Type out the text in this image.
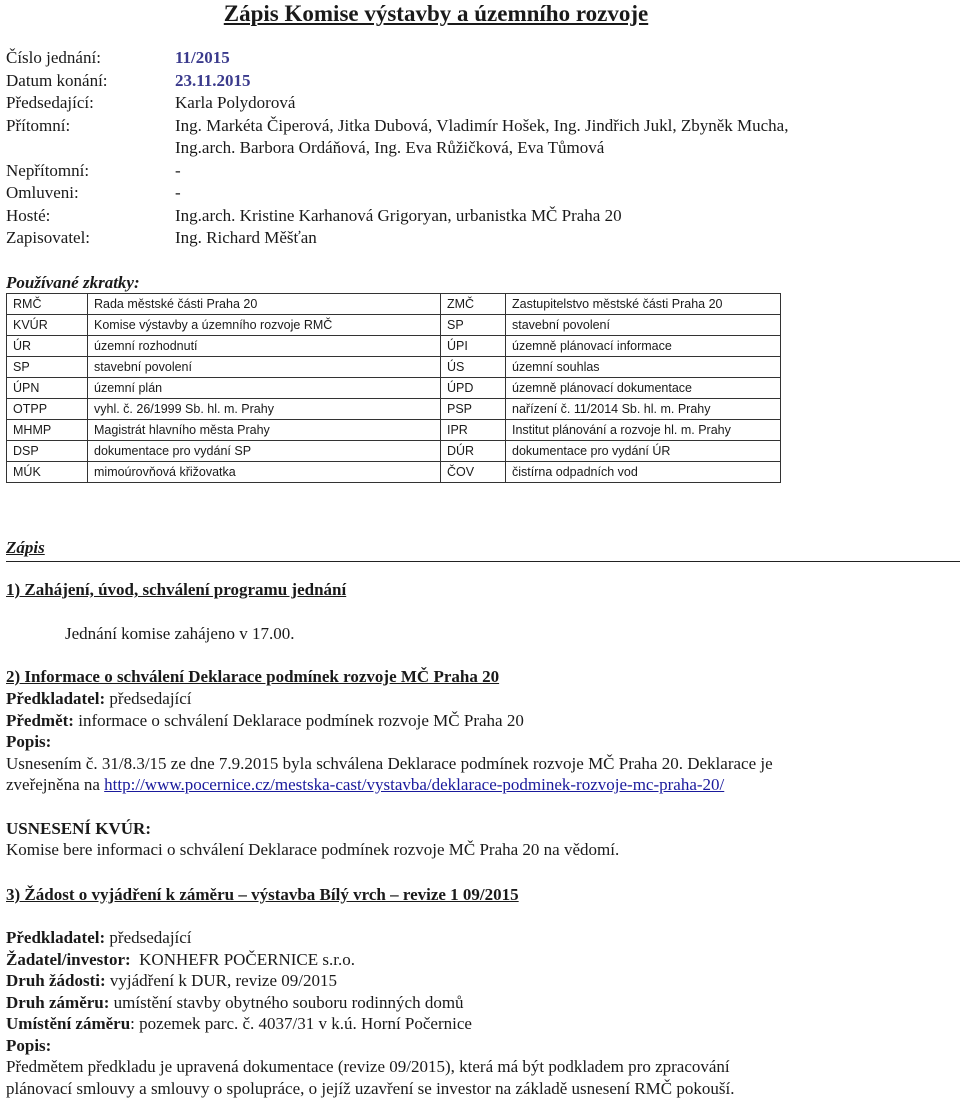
Zápis Komise výstavby a územního rozvoje
Číslo jednání:	11/2015
Datum konání:	23.11.2015
Předsedající:	Karla Polydorová
Přítomní:	Ing. Markéta Čiperová, Jitka Dubová, Vladimír Hošek, Ing. Jindřich Jukl, Zbyněk Mucha,
Ing.arch. Barbora Ordáňová, Ing. Eva Růžičková, Eva Tůmová
Nepřítomní:	-
Omluveni:	-
Hosté:	Ing.arch. Kristine Karhanová Grigoryan, urbanistka MČ Praha 20
Zapisovatel:	Ing. Richard Měšťan
Používané zkratky:
RMČ	Rada městské části Praha 20	ZMČ	Zastupitelstvo městské části Praha 20
KVÚR	Komise výstavby a územního rozvoje RMČ	SP	stavební povolení
ÚR	územní rozhodnutí	ÚPI	územně plánovací informace
SP	stavební povolení	ÚS	územní souhlas
ÚPN	územní plán	ÚPD	územně plánovací dokumentace
OTPP	vyhl. č. 26/1999 Sb. hl. m. Prahy	PSP	nařízení č. 11/2014 Sb. hl. m. Prahy
MHMP	Magistrát hlavního města Prahy	IPR	Institut plánování a rozvoje hl. m. Prahy
DSP	dokumentace pro vydání SP	DÚR	dokumentace pro vydání ÚR
MÚK	mimoúrovňová křižovatka	ČOV	čistírna odpadních vod
Zápis
1) Zahájení, úvod, schválení programu jednání
Jednání komise zahájeno v 17.00.
2) Informace o schválení Deklarace podmínek rozvoje MČ Praha 20
Předkladatel: předsedající
Předmět: informace o schválení Deklarace podmínek rozvoje MČ Praha 20
Popis:
Usnesením č. 31/8.3/15 ze dne 7.9.2015 byla schválena Deklarace podmínek rozvoje MČ Praha 20. Deklarace je
zveřejněna na http://www.pocernice.cz/mestska-cast/vystavba/deklarace-podminek-rozvoje-mc-praha-20/
USNESENÍ KVÚR:
Komise bere informaci o schválení Deklarace podmínek rozvoje MČ Praha 20 na vědomí.
3) Žádost o vyjádření k záměru – výstavba Bílý vrch – revize 1 09/2015
Předkladatel: předsedající
Žadatel/investor:  KONHEFR POČERNICE s.r.o.
Druh žádosti: vyjádření k DUR, revize 09/2015
Druh záměru: umístění stavby obytného souboru rodinných domů
Umístění záměru: pozemek parc. č. 4037/31 v k.ú. Horní Počernice
Popis:
Předmětem předkladu je upravená dokumentace (revize 09/2015), která má být podkladem pro zpracování
plánovací smlouvy a smlouvy o spolupráce, o jejíž uzavření se investor na základě usnesení RMČ pokouší.
